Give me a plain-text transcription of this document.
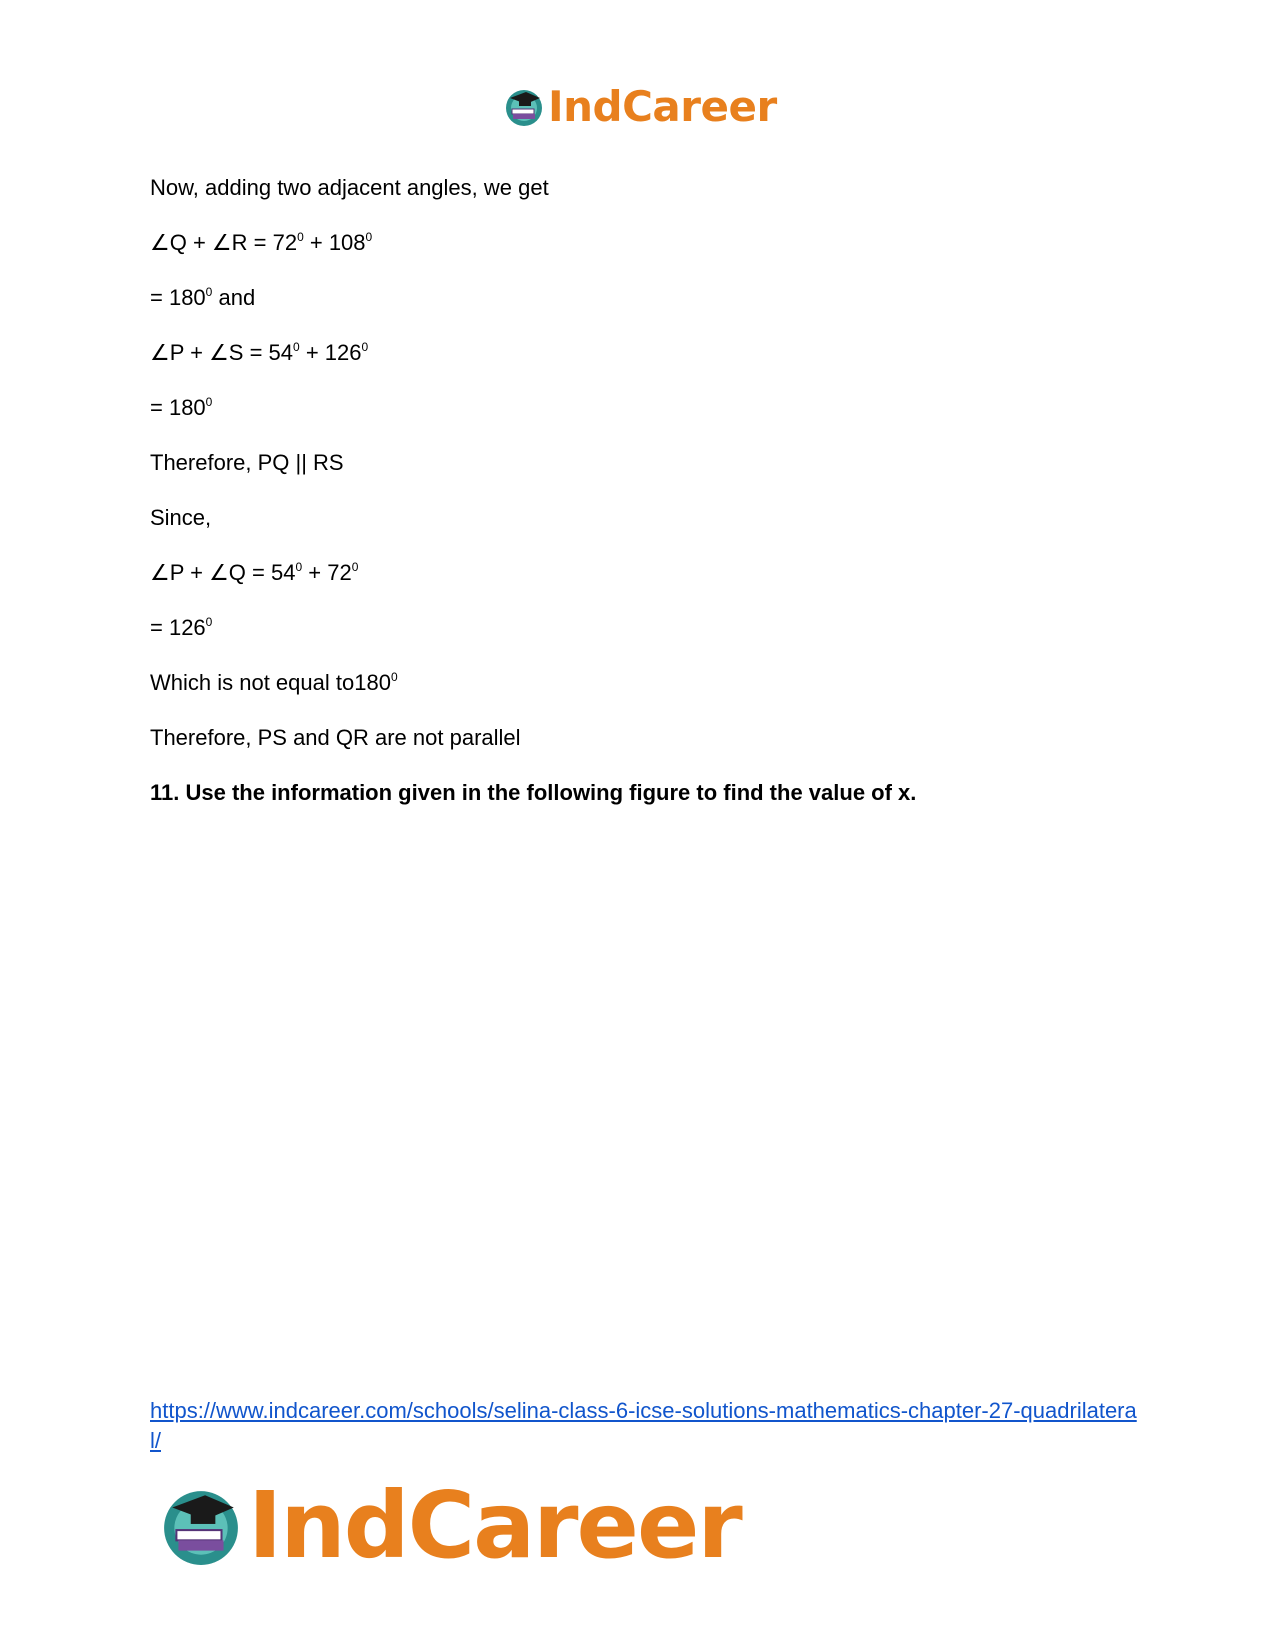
IndCareer
Now, adding two adjacent angles, we get
∠Q + ∠R = $72^0 + 108^0$
= $180^0$ and
∠P + ∠S = $54^0 + 126^0$
= $180^0$
Therefore, PQ || RS
Since,
∠P + ∠Q = $54^0 + 72^0$
= $126^0$
Which is not equal $to180^0$
Therefore, PS and QR are not parallel
11. Use the information given in the following figure to find the value of x.
https://www.indcareer.com/schools/selina-class-6-icse-solutions-mathematics-chapter-27-quadrilateral/
IndCareer
